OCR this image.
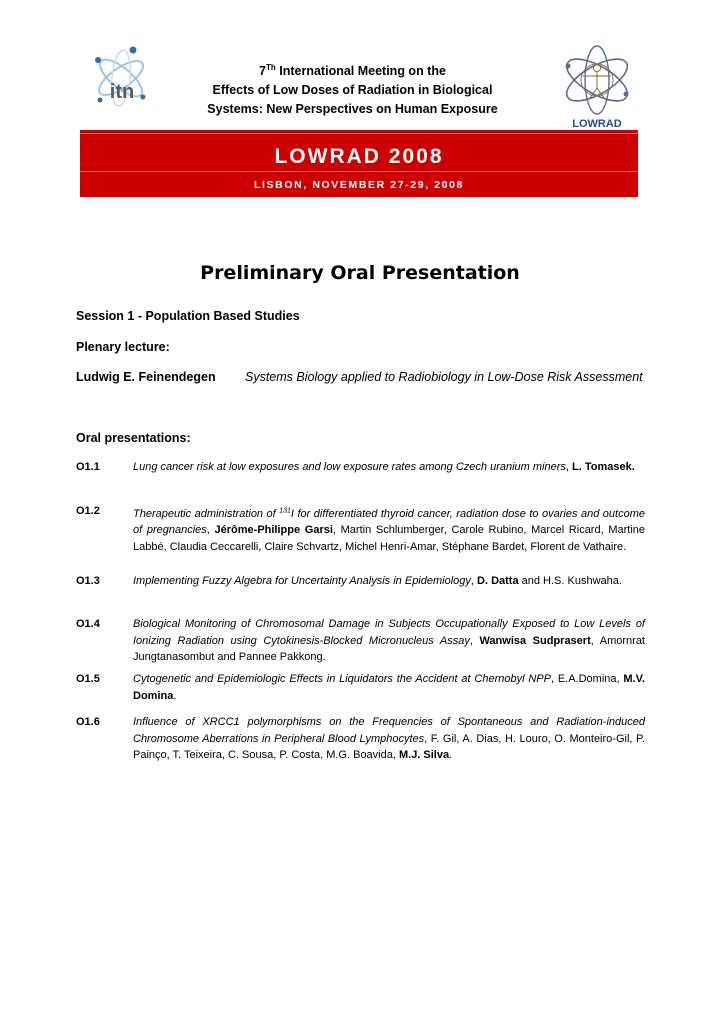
itn
7Th International Meeting on the
Effects of Low Doses of Radiation in Biological
Systems: New Perspectives on Human Exposure
LOWRAD
LOWRAD 2008
LISBON, NOVEMBER 27-29, 2008
Preliminary Oral Presentation
Session 1 - Population Based Studies
Plenary lecture:
Ludwig E. Feinendegen Systems Biology applied to Radiobiology in Low-Dose Risk Assessment
Oral presentations:
O1.1	Lung cancer risk at low exposures and low exposure rates among Czech uranium miners, L. Tomasek.
O1.2	Therapeutic administration of $^{131}$I for differentiated thyroid cancer, radiation dose to ovaries and outcome of pregnancies, Jérôme-Philippe Garsi, Martin Schlumberger, Carole Rubino, Marcel Ricard, Martine Labbé, Claudia Ceccarelli, Claire Schvartz, Michel Henri-Amar, Stéphane Bardet, Florent de Vathaire.
O1.3	Implementing Fuzzy Algebra for Uncertainty Analysis in Epidemiology, D. Datta and H.S. Kushwaha.
O1.4	Biological Monitoring of Chromosomal Damage in Subjects Occupationally Exposed to Low Levels of Ionizing Radiation using Cytokinesis-Blocked Micronucleus Assay, Wanwisa Sudprasert, Amornrat Jungtanasombut and Pannee Pakkong.
O1.5	Cytogenetic and Epidemiologic Effects in Liquidators the Accident at Chernobyl NPP, E.A.Domina, M.V. Domina.
O1.6	Influence of XRCC1 polymorphisms on the Frequencies of Spontaneous and Radiation-induced Chromosome Aberrations in Peripheral Blood Lymphocytes, F. Gil, A. Dias, H. Louro, O. Monteiro-Gil, P. Painço, T. Teixeira, C. Sousa, P. Costa, M.G. Boavida, M.J. Silva.
